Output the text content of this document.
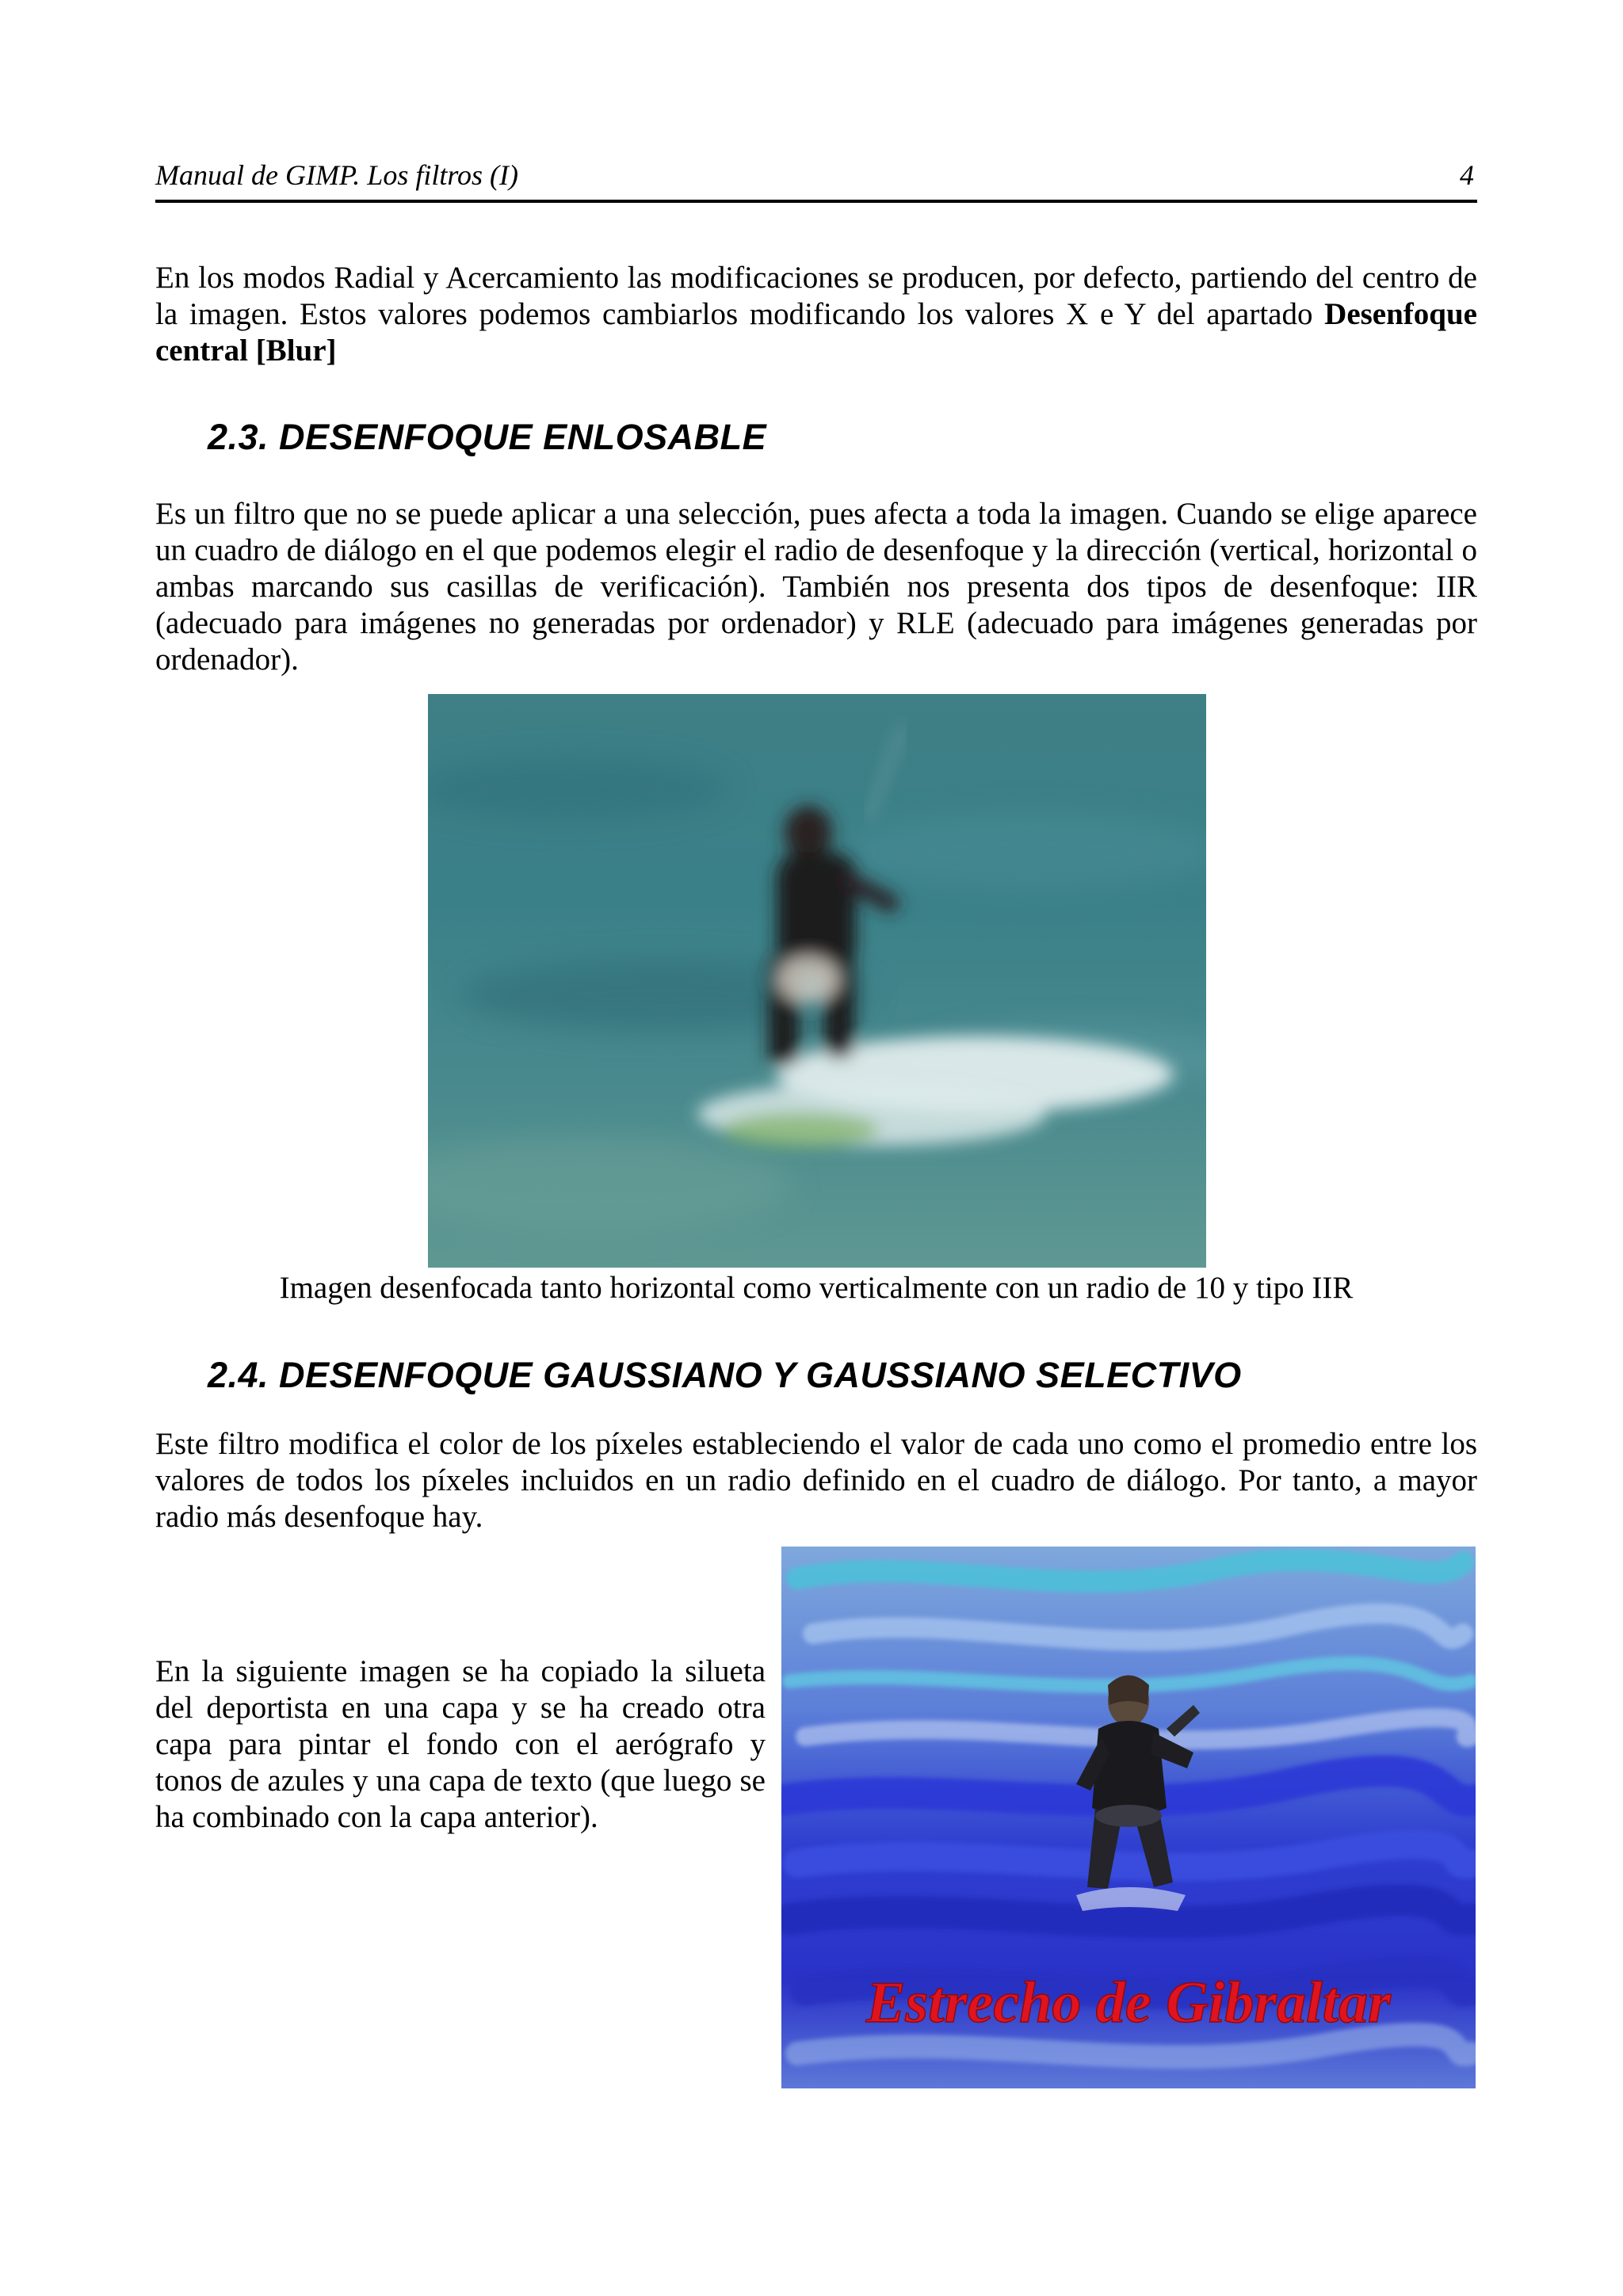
Manual de GIMP. Los filtros (I)	4

En los modos Radial y Acercamiento las modificaciones se producen, por defecto, partiendo del centro de la imagen. Estos valores podemos cambiarlos modificando los valores X e Y del apartado Desenfoque central [Blur]

2.3. DESENFOQUE ENLOSABLE

Es un filtro que no se puede aplicar a una selección, pues afecta a toda la imagen. Cuando se elige aparece un cuadro de diálogo en el que podemos elegir el radio de desenfoque y la dirección (vertical, horizontal o ambas marcando sus casillas de verificación). También nos presenta dos tipos de desenfoque: IIR (adecuado para imágenes no generadas por ordenador) y RLE (adecuado para imágenes generadas por ordenador).

Imagen desenfocada tanto horizontal como verticalmente con un radio de 10 y tipo IIR
2.4. DESENFOQUE GAUSSIANO Y GAUSSIANO SELECTIVO

Este filtro modifica el color de los píxeles estableciendo el valor de cada uno como el promedio entre los valores de todos los píxeles incluidos en un radio definido en el cuadro de diálogo. Por tanto, a mayor radio más desenfoque hay.

En la siguiente imagen se ha copiado la silueta del deportista en una capa y se ha creado otra capa para pintar el fondo con el aerógrafo y tonos de azules y una capa de texto (que luego se ha combinado con la capa anterior).

Estrecho de Gibraltar
